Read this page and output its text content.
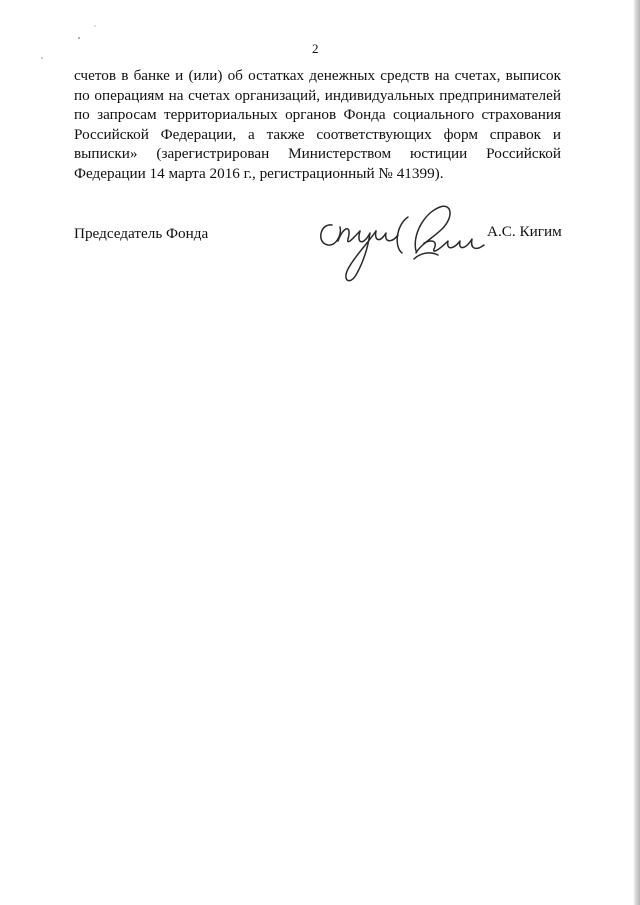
2

счетов в банке и (или) об остатках денежных средств на счетах, выписок по операциям на счетах организаций, индивидуальных предпринимателей по запросам территориальных органов Фонда социального страхования Российской Федерации, а также соответствующих форм справок и выписки» (зарегистрирован Министерством юстиции Российской Федерации 14 марта 2016 г., регистрационный № 41399).

Председатель Фонда	А.С. Кигим
